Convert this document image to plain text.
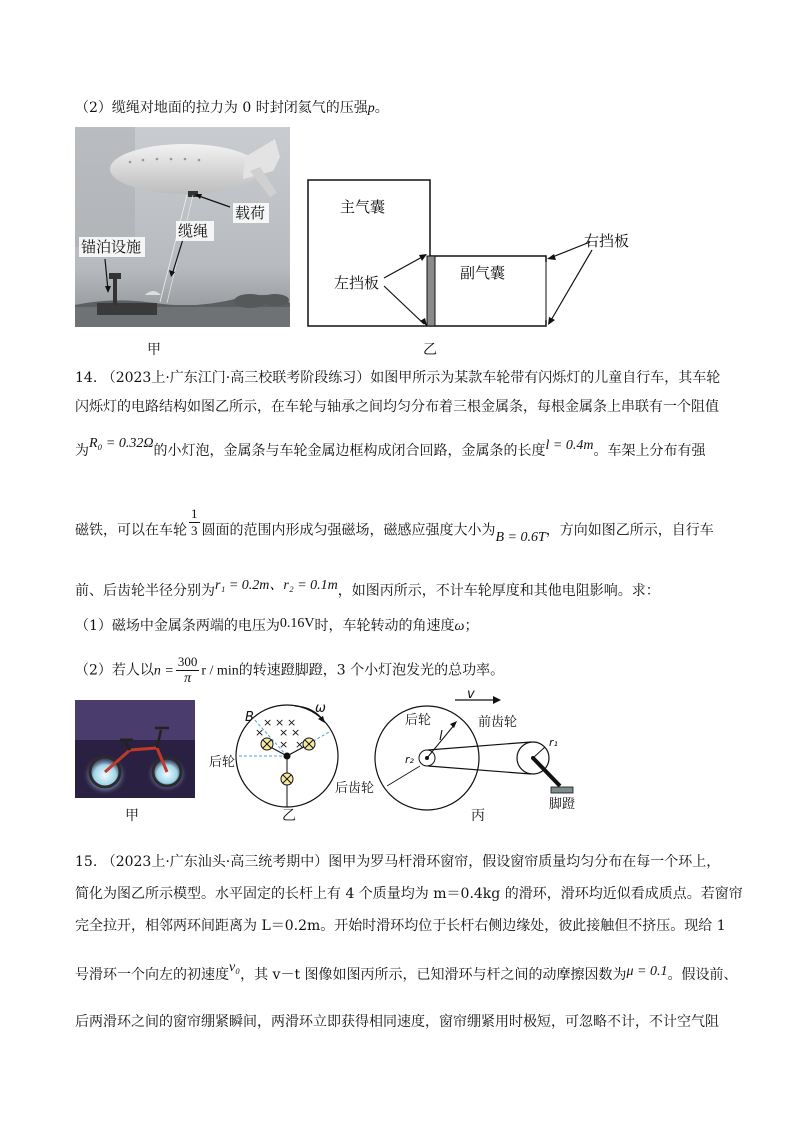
（2）缆绳对地面的拉力为 0 时封闭氦气的压强p。
载荷
缆绳
锚泊设施
甲
主气囊
副气囊
左挡板
右挡板
乙
14. （2023上·广东江门·高三校联考阶段练习）如图甲所示为某款车轮带有闪烁灯的儿童自行车，其车轮
闪烁灯的电路结构如图乙所示，在车轮与轴承之间均匀分布着三根金属条，每根金属条上串联有一个阻值
为R₀ = 0.32Ω的小灯泡，金属条与车轮金属边框构成闭合回路，金属条的长度l = 0.4m。车架上分布有强
磁铁，可以在车轮 $\frac{1}{3}$ 圆面的范围内形成匀强磁场，磁感应强度大小为B = 0.6T，方向如图乙所示，自行车
前、后齿轮半径分别为r₁ = 0.2m、r₂ = 0.1m，如图丙所示，不计车轮厚度和其他电阻影响。求：
（1）磁场中金属条两端的电压为0.16V时，车轮转动的角速度ω；
（2）若人以$n = \frac{300}{\pi}$ r / min的转速蹬脚蹬，3 个小灯泡发光的总功率。
甲
× × ×
× × ×
× ×
B
ω
后轮
乙
v
l
后轮	前齿轮
后齿轮
r₂
r₁
脚蹬
丙
15. （2023上·广东汕头·高三统考期中）图甲为罗马杆滑环窗帘，假设窗帘质量均匀分布在每一个环上，
简化为图乙所示模型。水平固定的长杆上有 4 个质量均为 m＝0.4kg 的滑环，滑环均近似看成质点。若窗帘
完全拉开，相邻两环间距离为 L＝0.2m。开始时滑环均位于长杆右侧边缘处，彼此接触但不挤压。现给 1
号滑环一个向左的初速度v₀，其 v－t 图像如图丙所示，已知滑环与杆之间的动摩擦因数为μ = 0.1。假设前、
后两滑环之间的窗帘绷紧瞬间，两滑环立即获得相同速度，窗帘绷紧用时极短，可忽略不计，不计空气阻
